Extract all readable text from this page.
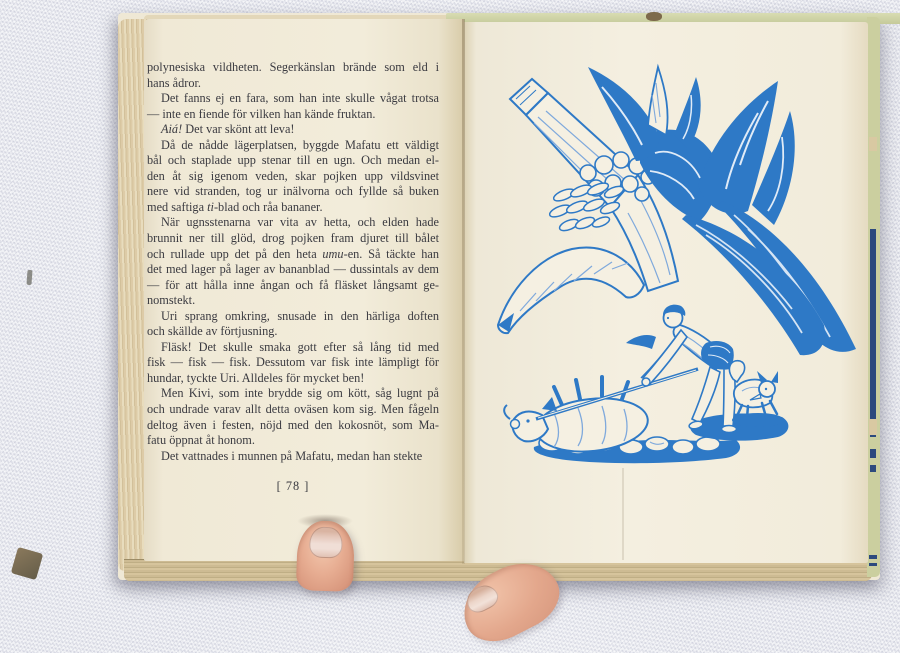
polynesiska vildheten. Segerkänslan brände som eld i
hans ådror.
Det fanns ej en fara, som han inte skulle vågat trotsa
— inte en fiende för vilken han kände fruktan.
Aiá! Det var skönt att leva!
Då de nådde lägerplatsen, byggde Mafatu ett väldigt
bål och staplade upp stenar till en ugn. Och medan el-
den åt sig igenom veden, skar pojken upp vildsvinet
nere vid stranden, tog ur inälvorna och fyllde så buken
med saftiga ti-blad och råa bananer.
När ugnsstenarna var vita av hetta, och elden hade
brunnit ner till glöd, drog pojken fram djuret till bålet
och rullade upp det på den heta umu-en. Så täckte han
det med lager på lager av bananblad — dussintals av dem
— för att hålla inne ångan och få fläsket långsamt ge-
nomstekt.
Uri sprang omkring, snusade in den härliga doften
och skällde av förtjusning.
Fläsk! Det skulle smaka gott efter så lång tid med
fisk — fisk — fisk. Dessutom var fisk inte lämpligt för
hundar, tyckte Uri. Alldeles för mycket ben!
Men Kivi, som inte brydde sig om kött, såg lugnt på
och undrade varav allt detta oväsen kom sig. Men fågeln
deltog även i festen, nöjd med den kokosnöt, som Ma-
fatu öppnat åt honom.
Det vattnades i munnen på Mafatu, medan han stekte
[ 78 ]
